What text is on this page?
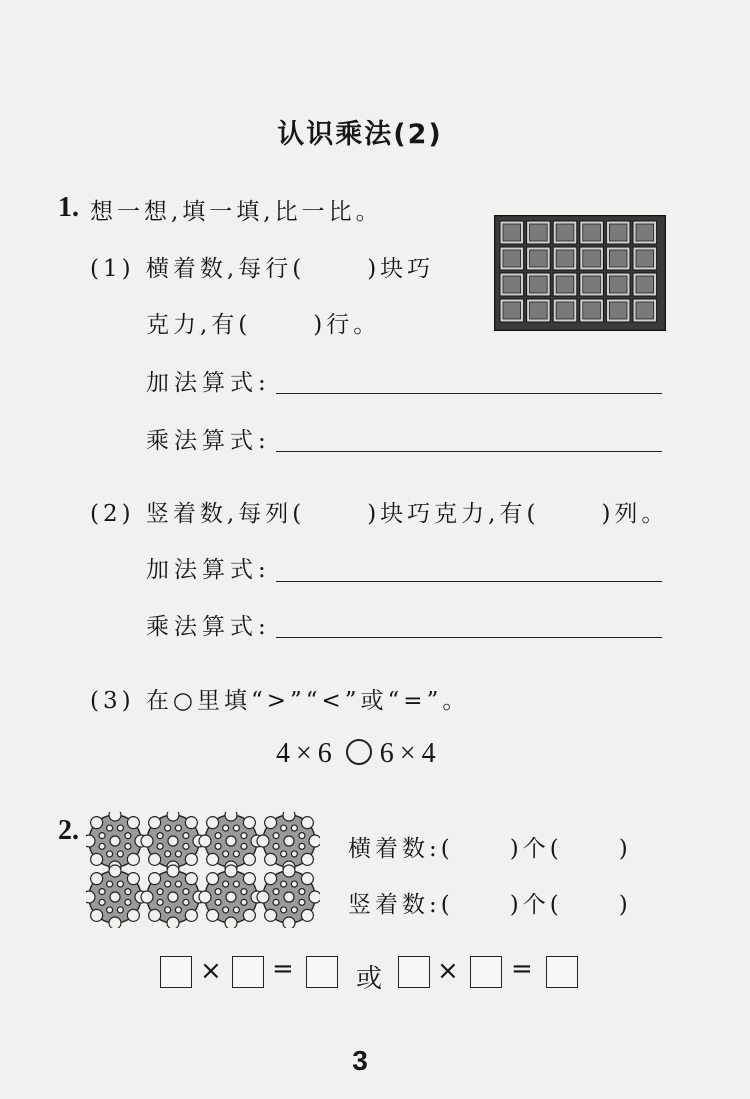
认识乘法(2)
1. 想一想,填一填,比一比。
(1) 横着数,每行(	)块巧
克力,有(	)行。
加法算式:
乘法算式:
(2) 竖着数,每列(	)块巧克力,有(	)列。
加法算式:
乘法算式:
(3) 在○里填“>”“<”或“=”。
4×6 6×4
2.
横着数:( )个( )
竖着数:( )个( )
× = 或 × =
3
